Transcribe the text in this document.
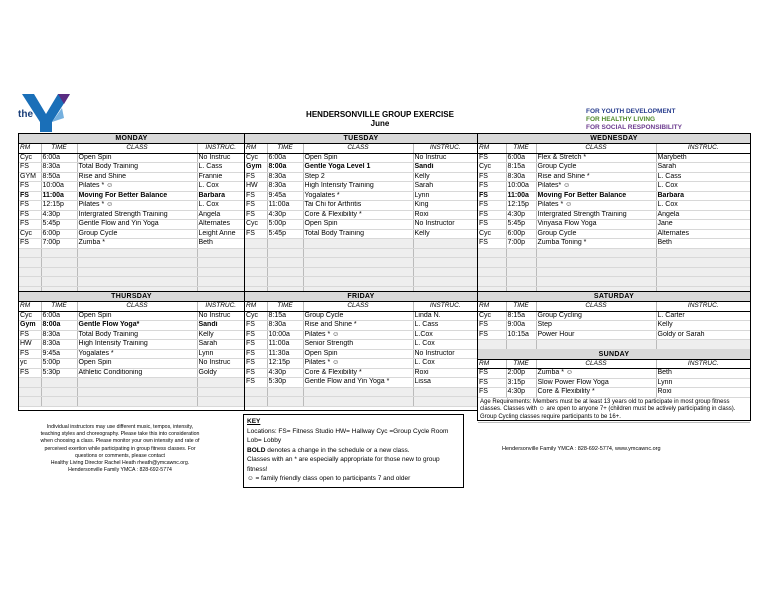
the	HENDERSONVILLE GROUP EXERCISE
June
FOR YOUTH DEVELOPMENT
FOR HEALTHY LIVING
FOR SOCIAL RESPONSIBILITY
MONDAY
RM	TIME	CLASS	INSTRUC.
Cyc	6:00a	Open Spin	No Instruc
FS	8:30a	Total Body Training	L. Cass
GYM	8:50a	Rise and Shine	Frannie
FS	10:00a	Pilates * ☺	L. Cox
FS	11:00a	Moving For Better Balance	Barbara
FS	12:15p	Pilates * ☺	L. Cox
FS	4:30p	Intergrated Strength Training	Angela
FS	5:45p	Gentle Flow and Yin Yoga	Alternates
Cyc	6:00p	Group Cycle	Leight Anne
FS	7:00p	Zumba *	Beth

TUESDAY
RM	TIME	CLASS	INSTRUC.
Cyc	6:00a	Open Spin	No Instruc
Gym	8:00a	Gentle Yoga Level 1	Sandi
FS	8:30a	Step 2	Kelly
HW	8:30a	High Intensity Training	Sarah
FS	9:45a	Yogalates *	Lynn
FS	11:00a	Tai Chi for Arthritis	King
FS	4:30p	Core & Flexibility *	Roxi
Cyc	5:00p	Open Spin	No Instructor
FS	5:45p	Total Body Training	Kelly

WEDNESDAY
RM	TIME	CLASS	INSTRUC.
FS	6:00a	Flex & Stretch *	Marybeth
Cyc	8:15a	Group Cycle	Sarah
FS	8:30a	Rise and Shine *	L. Cass
FS	10:00a	Pilates* ☺	L. Cox
FS	11:00a	Moving For Better Balance	Barbara
FS	12:15p	Pilates * ☺	L. Cox
FS	4:30p	Intergrated Strength Training	Angela
FS	5:45p	Vinyasa Flow Yoga	Jane
Cyc	6:00p	Group Cycle	Alternates
FS	7:00p	Zumba Toning *	Beth

THURSDAY
RM	TIME	CLASS	INSTRUC.
Cyc	6:00a	Open Spin	No Instruc
Gym	8:00a	Gentle Flow Yoga*	Sandi
FS	8:30a	Total Body Training	Kelly
HW	8:30a	High Intensity Training	Sarah
FS	9:45a	Yogalates *	Lynn
yc	5:00p	Open Spin	No Instruc
FS	5:30p	Athletic Conditioning	Goldy

FRIDAY
RM	TIME	CLASS	INSTRUC.
Cyc	8:15a	Group Cycle	Linda N.
FS	8:30a	Rise and Shine *	L. Cass
FS	10:00a	Pilates * ☺	L.Cox
FS	11:00a	Senior Strength	L. Cox
FS	11:30a	Open Spin	No Instructor
FS	12:15p	Pilates * ☺	L. Cox
FS	4:30p	Core & Flexibility *	Roxi
FS	5:30p	Gentle Flow and Yin Yoga *	Lissa

SATURDAY
RM	TIME	CLASS	INSTRUC.
Cyc	8:15a	Group Cycling	L. Carter
FS	9:00a	Step	Kelly
FS	10:15a	Power Hour	Goldy or Sarah

SUNDAY
RM	TIME	CLASS	INSTRUC.
FS	2:00p	Zumba * ☺	Beth
FS	3:15p	Slow Power Flow Yoga	Lynn
FS	4:30p	Core & Flexibility *	Roxi
Age Requirements: Members must be at least 13 years old to participate in most group fitness classes. Classes with ☺ are open to anyone 7+ (children must be actively participating in class). Group Cycling classes require participants to be 16+.
Individual instructors may use different music, tempos, intensity,
teaching styles and choreography. Please take this into consideration
when choosing a class. Please monitor your own intensity and rate of
perceived exertion while participating in group fitness classes. For
questions or comments, please contact
Healthy Living Director Rachel Heath rheath@ymcawnc.org.
Hendersonville Family YMCA : 828-692-5774
KEY
Locations: FS= Fitness Studio HW= Hallway Cyc =Group Cycle Room Lob= Lobby
BOLD denotes a change in the schedule or a new class.
Classes with an * are especially appropriate for those new to group fitness!
☺ = family friendly class open to participants 7 and older
Hendersonville Family YMCA : 828-692-5774, www.ymcawnc.org
